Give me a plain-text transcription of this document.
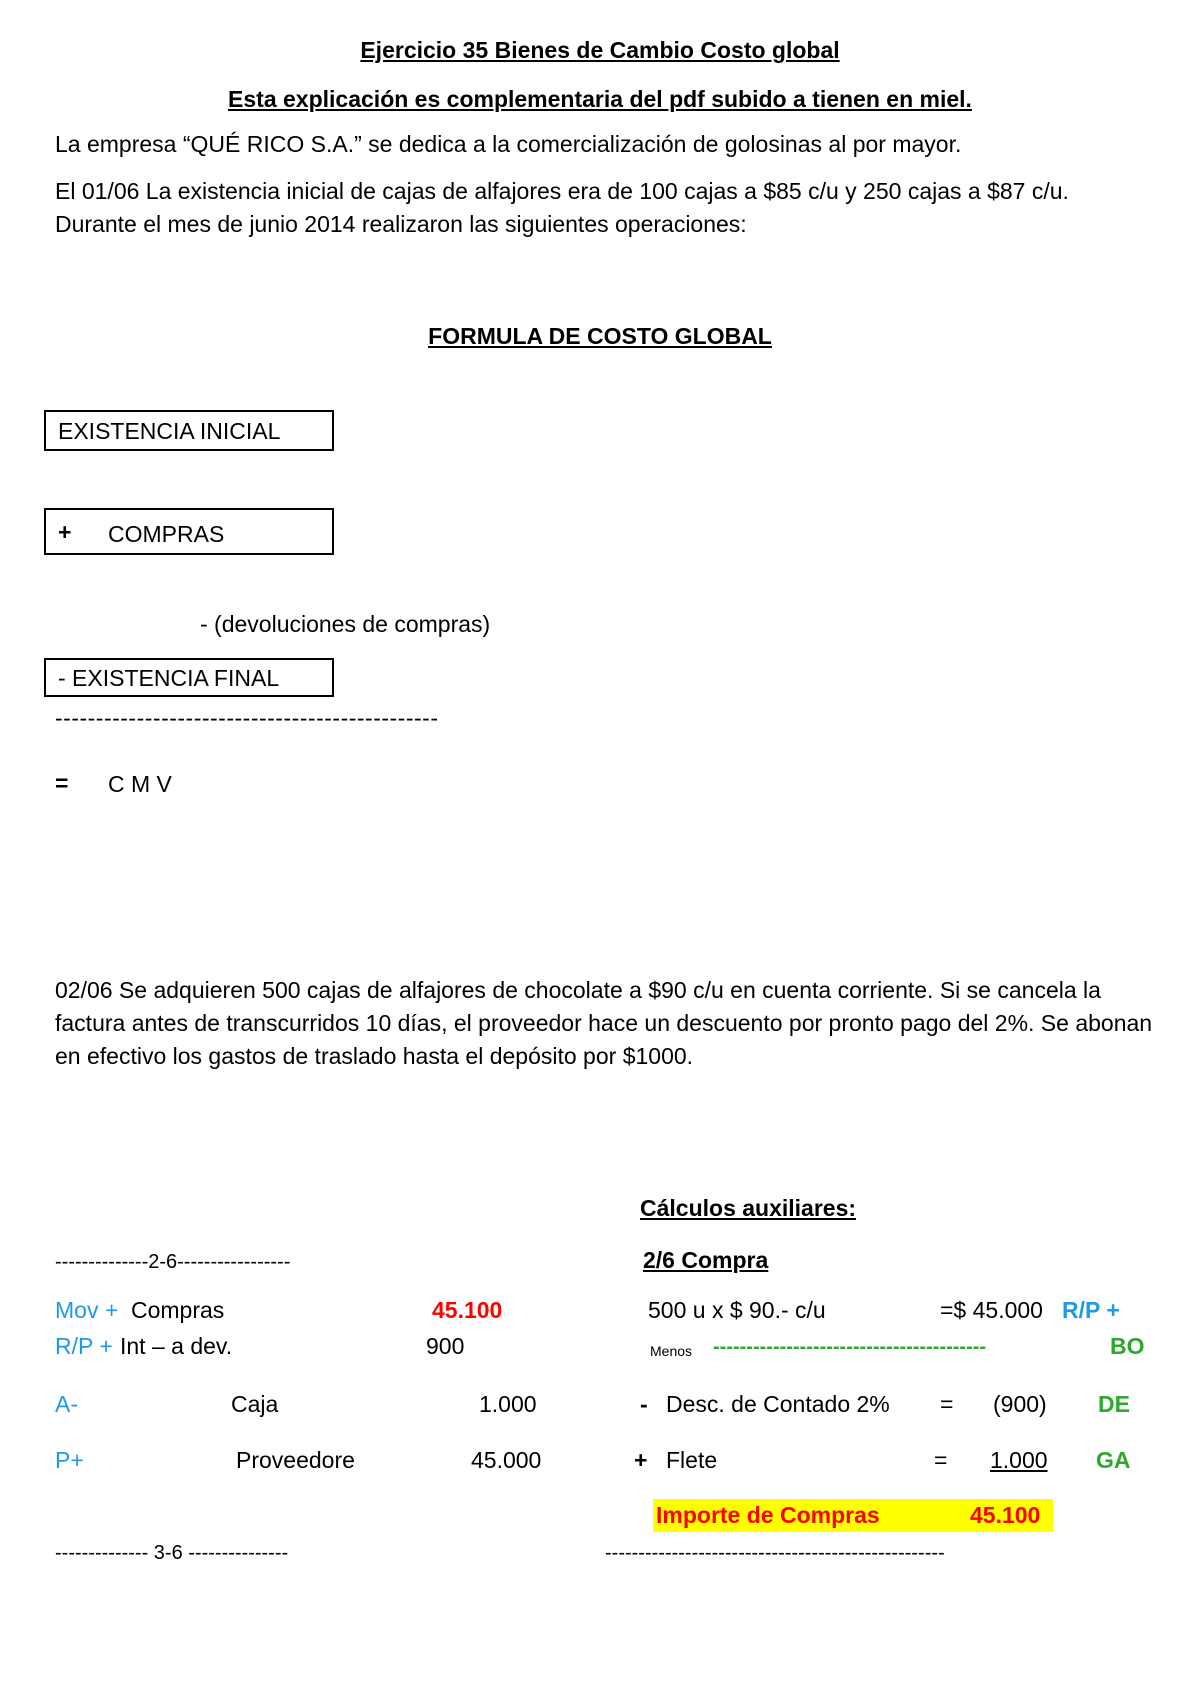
Ejercicio 35 Bienes de Cambio Costo global
Esta explicación es complementaria del pdf subido a tienen en miel.
La empresa “QUÉ RICO S.A.” se dedica a la comercialización de golosinas al por mayor.
El 01/06 La existencia inicial de cajas de alfajores era de 100 cajas a $85 c/u y 250 cajas a $87 c/u. Durante el mes de junio 2014 realizaron las siguientes operaciones:
FORMULA DE COSTO GLOBAL
EXISTENCIA INICIAL
+ COMPRAS
- (devoluciones de compras)
- EXISTENCIA FINAL
-----------------------------------------------
= C M V
02/06 Se adquieren 500 cajas de alfajores de chocolate a $90 c/u en cuenta corriente. Si se cancela la factura antes de transcurridos 10 días, el proveedor hace un descuento por pronto pago del 2%. Se abonan en efectivo los gastos de traslado hasta el depósito por $1000.
Cálculos auxiliares:
2/6 Compra
--------------2-6-----------------
Mov + Compras	45.100
R/P + Int – a dev.	900
A-	Caja	1.000
P+	Proveedore	45.000
-------------- 3-6 ---------------
500 u x $ 90.- c/u	=$ 45.000 R/P +
Menos -----------------------------------------	BO
- Desc. de Contado 2% = (900) DE
+ Flete	=	1.000 GA
Importe de Compras	45.100
---------------------------------------------------
